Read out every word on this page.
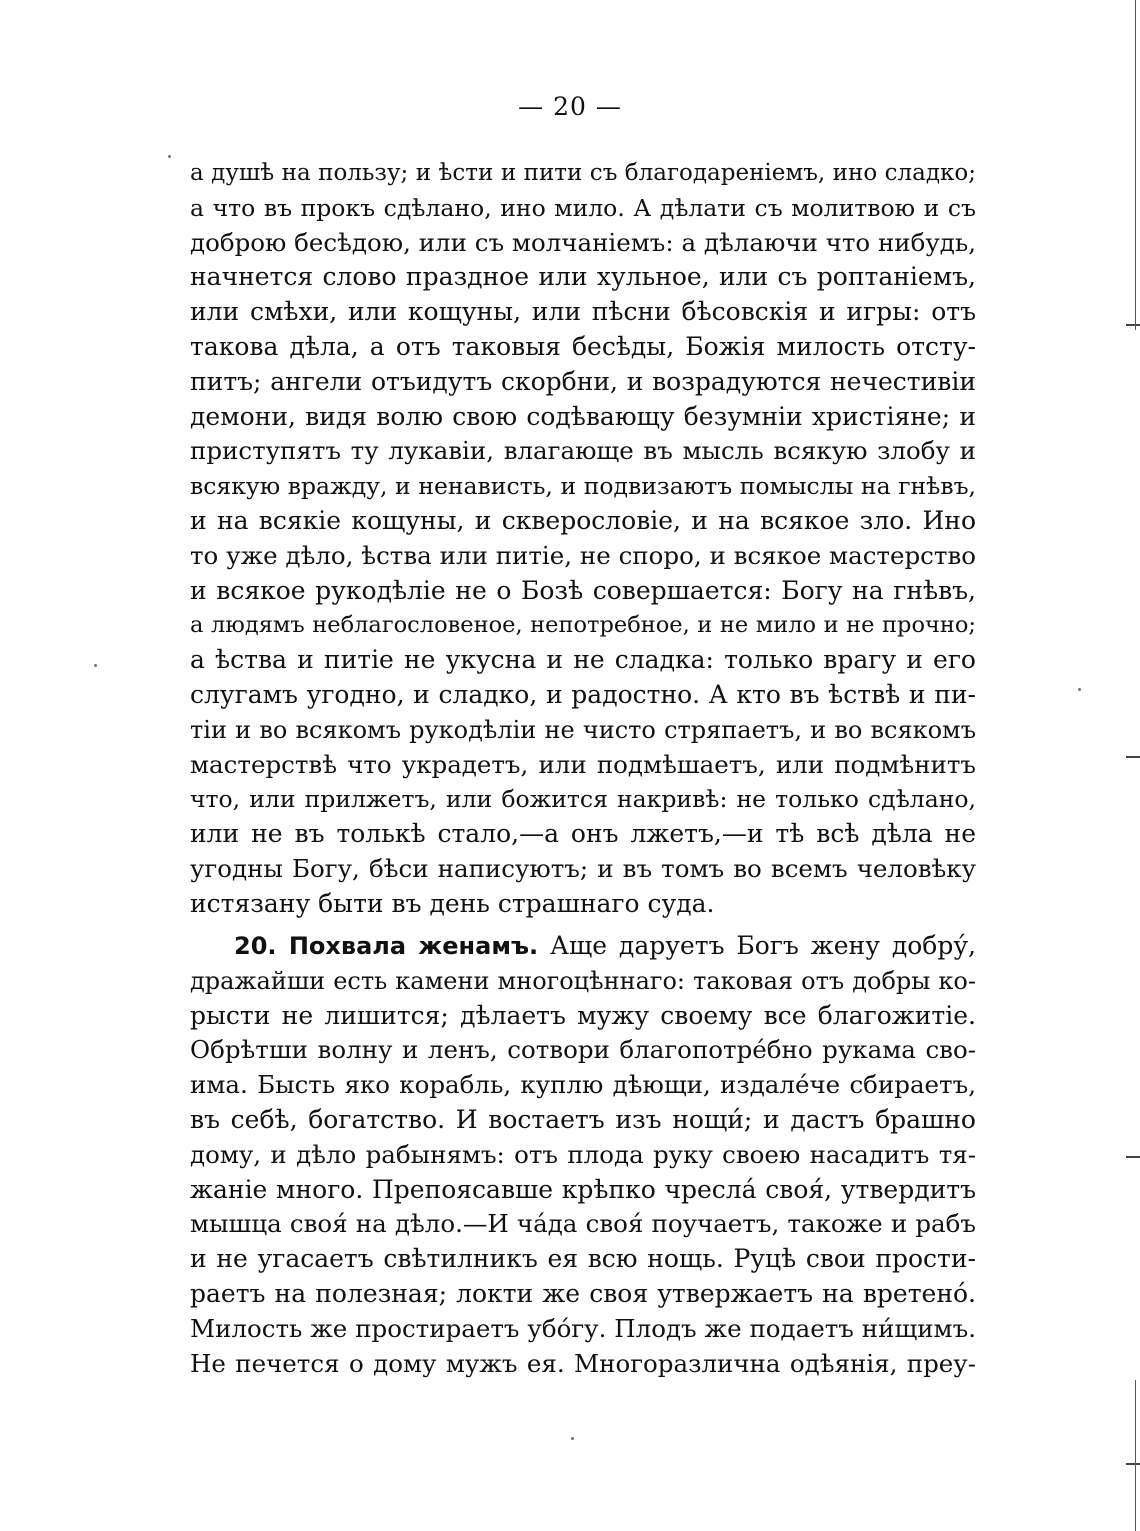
— 20 —
а душѣ на пользу; и ѣсти и пити съ благодаренiемъ, ино сладко;
а что въ прокъ сдѣлано, ино мило. А дѣлати съ молитвою и съ
доброю бесѣдою, или съ молчанiемъ: а дѣлаючи что нибудь,
начнется слово праздное или хульное, или съ роптанiемъ,
или смѣхи, или кощуны, или пѣсни бѣсовскiя и игры: отъ
такова дѣла, а отъ таковыя бесѣды, Божiя милость отсту-
питъ; ангели отъидутъ скорбни, и возрадуются нечестивiи
демони, видя волю свою содѣвающу безумнiи христiяне; и
приступятъ ту лукавiи, влагающе въ мысль всякую злобу и
всякую вражду, и ненависть, и подвизаютъ помыслы на гнѣвъ,
и на всякiе кощуны, и скверословiе, и на всякое зло. Ино
то уже дѣло, ѣства или питiе, не споро, и всякое мастерство
и всякое рукодѣлiе не о Бозѣ совершается: Богу на гнѣвъ,
а людямъ неблагословеное, непотребное, и не мило и не прочно;
а ѣства и питiе не укусна и не сладка: только врагу и его
слугамъ угодно, и сладко, и радостно. А кто въ ѣствѣ и пи-
тiи и во всякомъ рукодѣлiи не чисто стряпаетъ, и во всякомъ
мастерствѣ что украдетъ, или подмѣшаетъ, или подмѣнитъ
что, или прилжетъ, или божится накривѣ: не только сдѣлано,
или не въ толькѣ стало,—а онъ лжетъ,—и тѣ всѣ дѣла не
угодны Богу, бѣси написуютъ; и въ томъ во всемъ человѣку
истязану быти въ день страшнаго суда.
20. Похвала женамъ. Аще даруетъ Богъ жену добру́,
дражайши есть камени многоцѣннаго: таковая отъ добры ко-
рысти не лишится; дѣлаетъ мужу своему все благожитiе.
Обрѣтши волну и ленъ, сотвори благопотре́бно рукама сво-
има. Бысть яко корабль, куплю дѣющи, издале́че сбираетъ,
въ себѣ, богатство. И востаетъ изъ нощи́; и дастъ брашно
дому, и дѣло рабынямъ: отъ плода руку своею насадитъ тя-
жанiе много. Препоясавше крѣпко чресла́ своя́, утвердитъ
мышца своя́ на дѣло.—И ча́да своя́ поучаетъ, такоже и рабъ
и не угасаетъ свѣтилникъ ея всю нощь. Руцѣ свои прости-
раетъ на полезная; локти же своя утвержаетъ на вретено́.
Милость же простираетъ убо́гу. Плодъ же подаетъ ни́щимъ.
Не печется о дому мужъ ея. Многоразлична одѣянiя, преу-
